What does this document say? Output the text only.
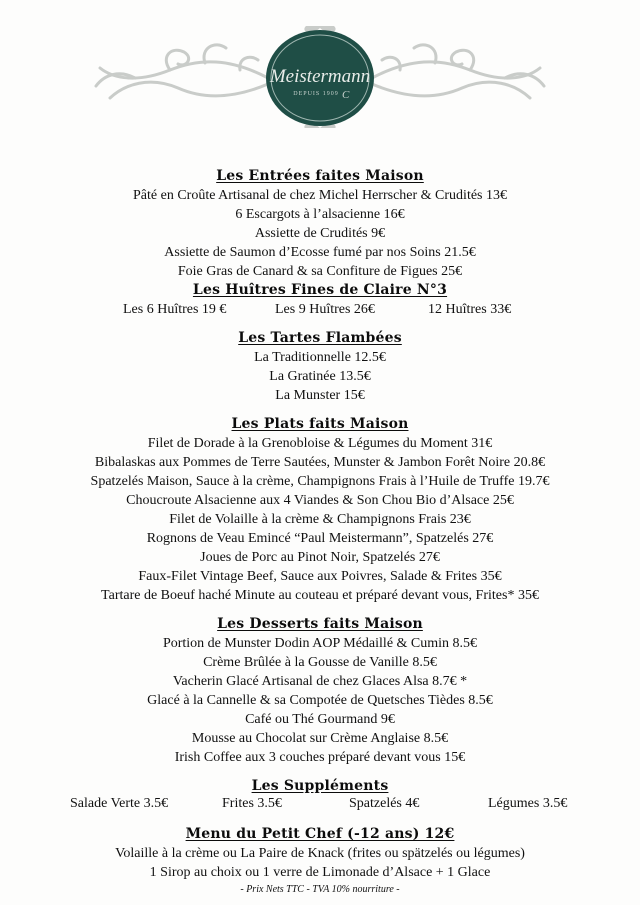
Meistermann
DEPUIS 1909 C

Les Entrées faites Maison

Pâté en Croûte Artisanal de chez Michel Herrscher & Crudités 13€

6 Escargots à l’alsacienne 16€

Assiette de Crudités 9€

Assiette de Saumon d’Ecosse fumé par nos Soins 21.5€

Foie Gras de Canard & sa Confiture de Figues 25€

Les Huîtres Fines de Claire N°3

Les 6 Huîtres 19 €	Les 9 Huîtres 26€	12 Huîtres 33€

Les Tartes Flambées

La Traditionnelle 12.5€

La Gratinée 13.5€

La Munster 15€

Les Plats faits Maison

Filet de Dorade à la Grenobloise & Légumes du Moment 31€

Bibalaskas aux Pommes de Terre Sautées, Munster & Jambon Forêt Noire 20.8€

Spatzelés Maison, Sauce à la crème, Champignons Frais à l’Huile de Truffe 19.7€

Choucroute Alsacienne aux 4 Viandes & Son Chou Bio d’Alsace 25€

Filet de Volaille à la crème & Champignons Frais 23€

Rognons de Veau Emincé “Paul Meistermann”, Spatzelés 27€

Joues de Porc au Pinot Noir, Spatzelés 27€

Faux-Filet Vintage Beef, Sauce aux Poivres, Salade & Frites 35€

Tartare de Boeuf haché Minute au couteau et préparé devant vous, Frites* 35€

Les Desserts faits Maison

Portion de Munster Dodin AOP Médaillé & Cumin 8.5€

Crème Brûlée à la Gousse de Vanille 8.5€

Vacherin Glacé Artisanal de chez Glaces Alsa 8.7€ *

Glacé à la Cannelle & sa Compotée de Quetsches Tièdes 8.5€

Café ou Thé Gourmand 9€

Mousse au Chocolat sur Crème Anglaise 8.5€

Irish Coffee aux 3 couches préparé devant vous 15€

Les Suppléments

Salade Verte 3.5€	Frites 3.5€	Spatzelés 4€	Légumes 3.5€

Menu du Petit Chef (-12 ans) 12€

Volaille à la crème ou La Paire de Knack (frites ou spätzelés ou légumes)

1 Sirop au choix ou 1 verre de Limonade d’Alsace + 1 Glace

- Prix Nets TTC - TVA 10% nourriture -
